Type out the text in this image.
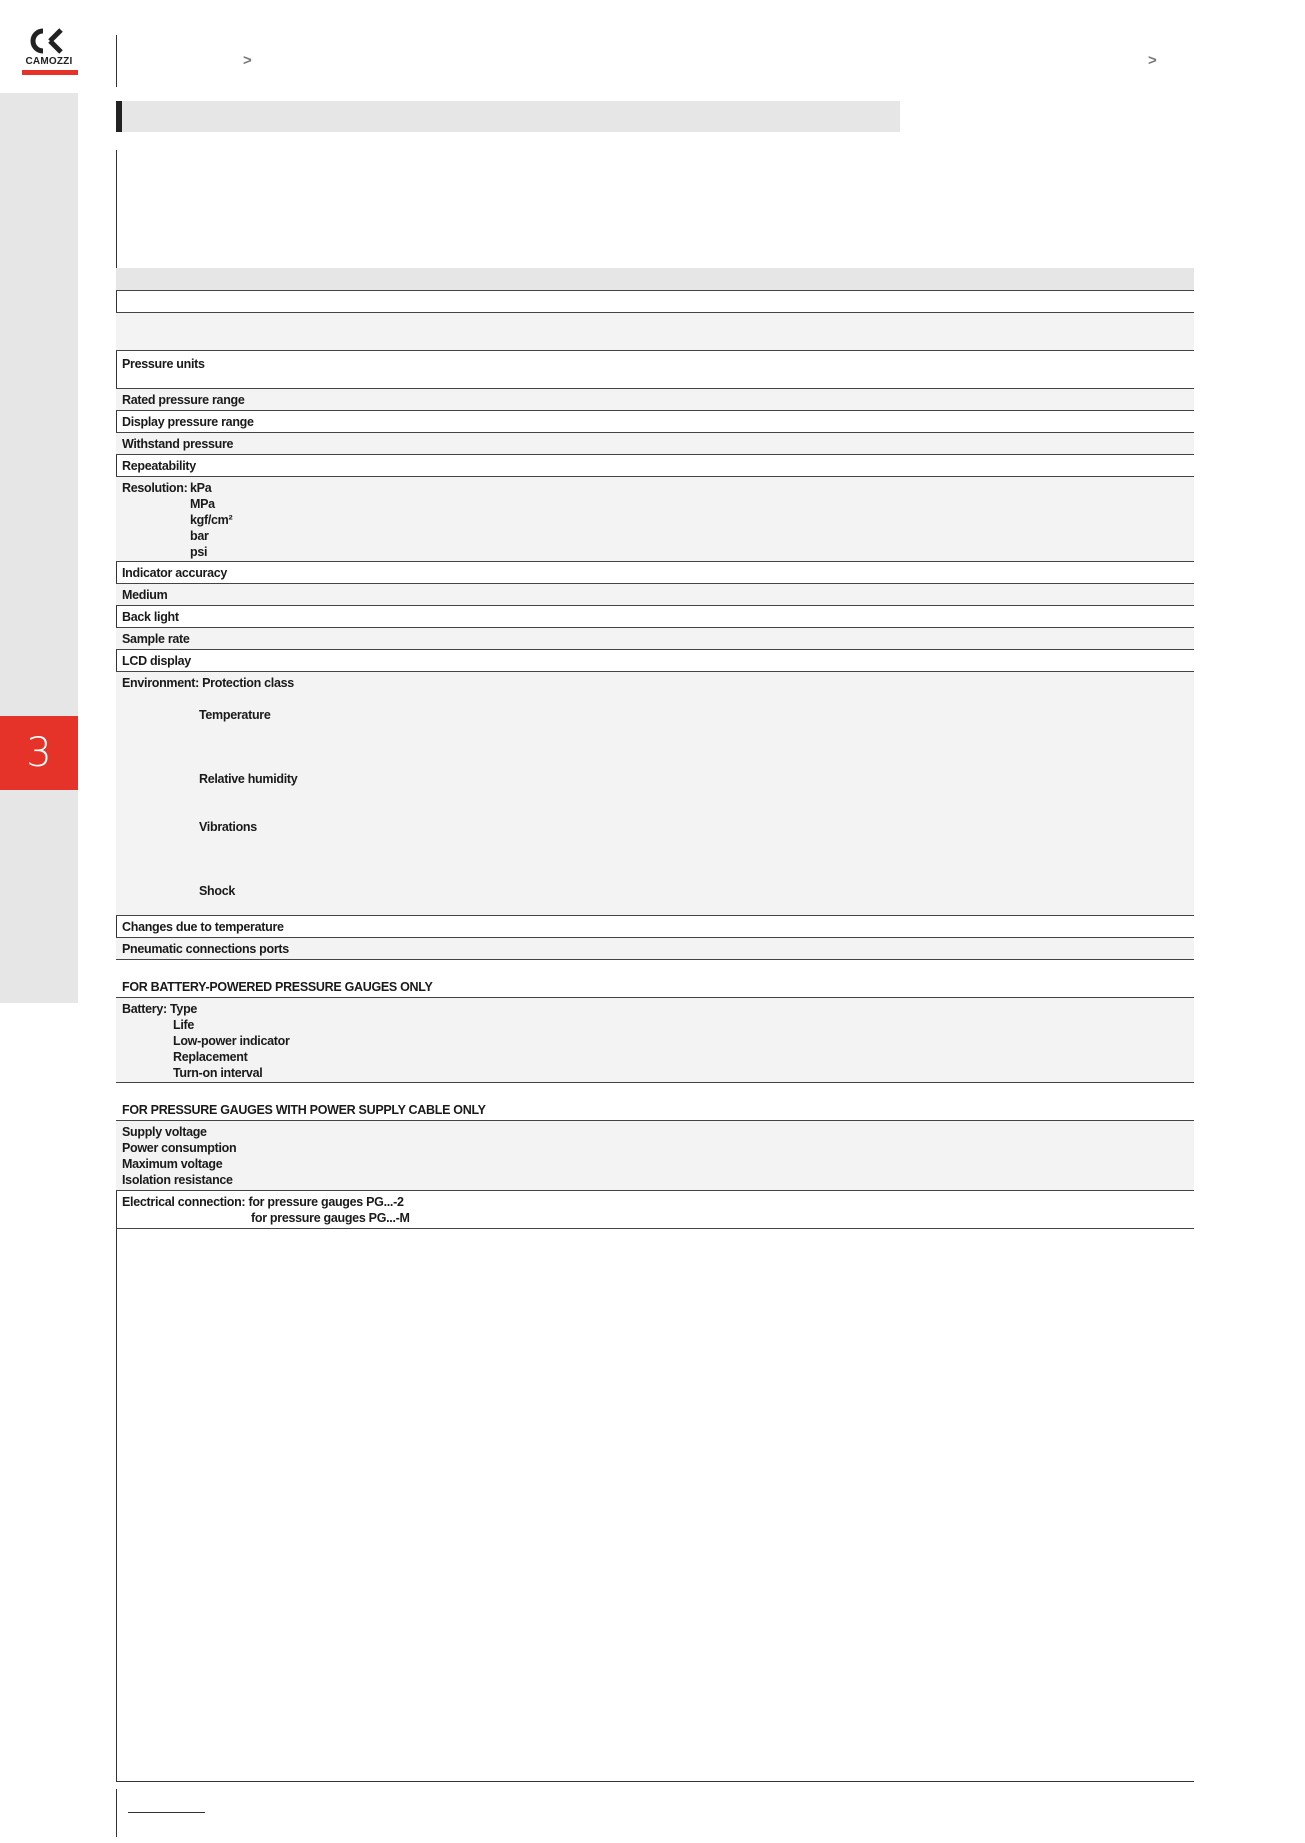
3
CAMOZZI	>	>
Pressure units
Rated pressure range
Display pressure range
Withstand pressure
Repeatability
Resolution: kPa
MPa
kgf/cm²
bar
psi
Indicator accuracy
Medium
Back light
Sample rate
LCD display
Environment: Protection class
Temperature
Relative humidity
Vibrations
Shock
Changes due to temperature
Pneumatic connections ports
FOR BATTERY-POWERED PRESSURE GAUGES ONLY
Battery: Type
Life
Low-power indicator
Replacement
Turn-on interval
FOR PRESSURE GAUGES WITH POWER SUPPLY CABLE ONLY
Supply voltage
Power consumption
Maximum voltage
Isolation resistance
Electrical connection: for pressure gauges PG...-2
for pressure gauges PG...-M
